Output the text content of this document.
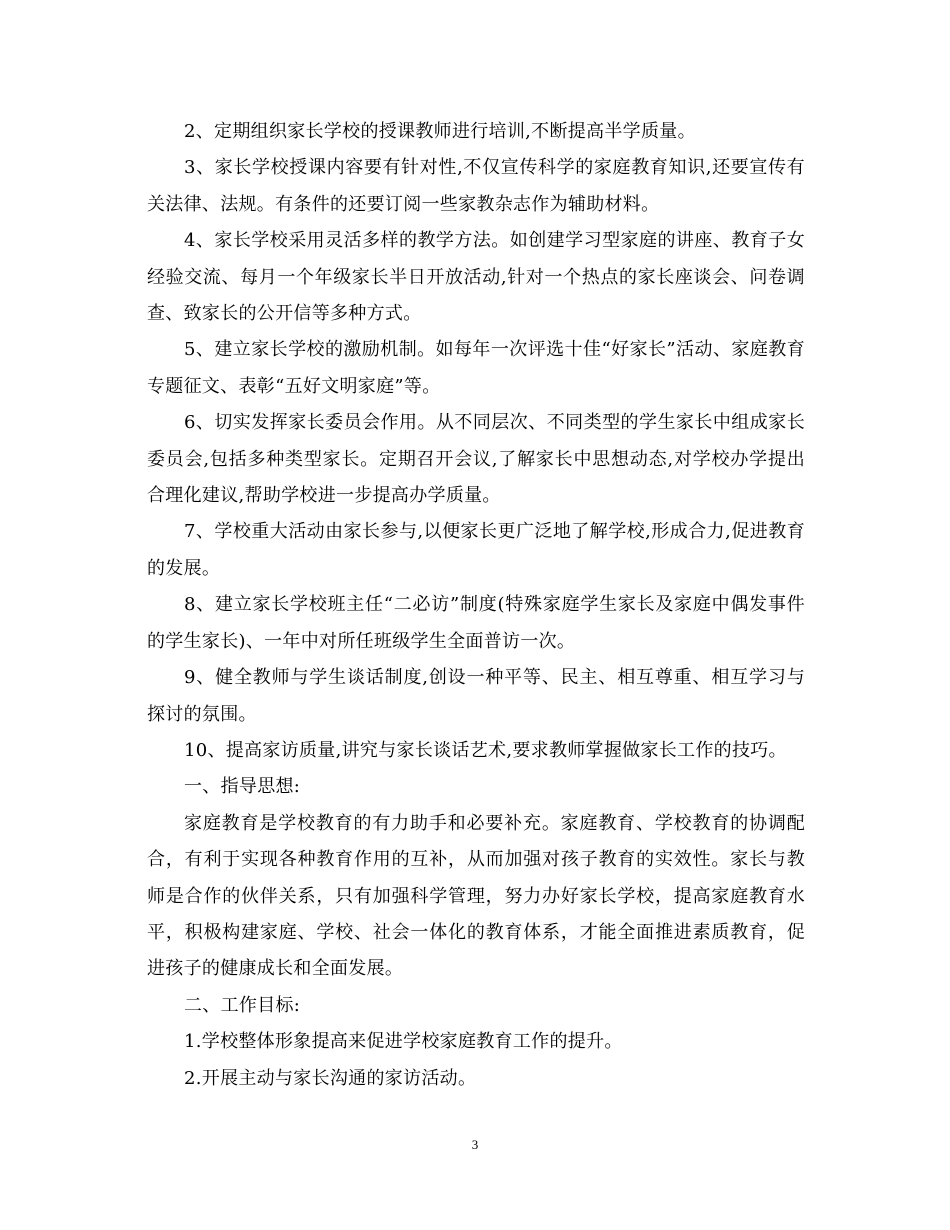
2、定期组织家长学校的授课教师进行培训,不断提高半学质量。

3、家长学校授课内容要有针对性,不仅宣传科学的家庭教育知识,还要宣传有关法律、法规。有条件的还要订阅一些家教杂志作为辅助材料。

4、家长学校采用灵活多样的教学方法。如创建学习型家庭的讲座、教育子女经验交流、每月一个年级家长半日开放活动,针对一个热点的家长座谈会、问卷调查、致家长的公开信等多种方式。

5、建立家长学校的激励机制。如每年一次评选十佳“好家长”活动、家庭教育专题征文、表彰“五好文明家庭”等。

6、切实发挥家长委员会作用。从不同层次、不同类型的学生家长中组成家长委员会,包括多种类型家长。定期召开会议,了解家长中思想动态,对学校办学提出合理化建议,帮助学校进一步提高办学质量。

7、学校重大活动由家长参与,以便家长更广泛地了解学校,形成合力,促进教育的发展。

8、建立家长学校班主任“二必访”制度(特殊家庭学生家长及家庭中偶发事件的学生家长)、一年中对所任班级学生全面普访一次。

9、健全教师与学生谈话制度,创设一种平等、民主、相互尊重、相互学习与探讨的氛围。

10、提高家访质量,讲究与家长谈话艺术,要求教师掌握做家长工作的技巧。

一、指导思想:

家庭教育是学校教育的有力助手和必要补充。家庭教育、学校教育的协调配合，有利于实现各种教育作用的互补，从而加强对孩子教育的实效性。家长与教师是合作的伙伴关系，只有加强科学管理，努力办好家长学校，提高家庭教育水平，积极构建家庭、学校、社会一体化的教育体系，才能全面推进素质教育，促进孩子的健康成长和全面发展。

二、工作目标:

1.学校整体形象提高来促进学校家庭教育工作的提升。

2.开展主动与家长沟通的家访活动。

3
